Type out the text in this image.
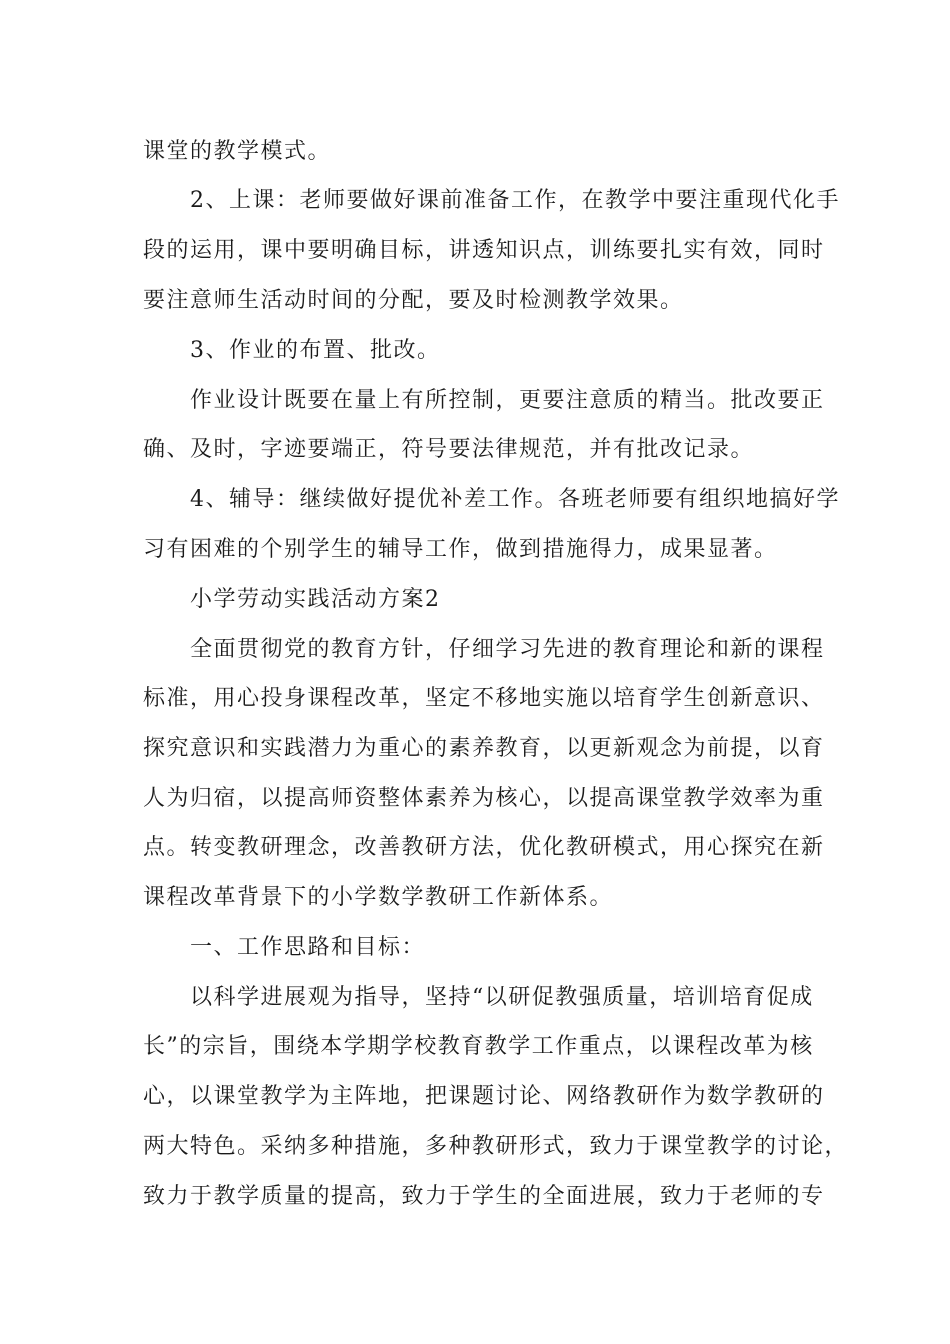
课堂的教学模式。

2、上课：老师要做好课前准备工作，在教学中要注重现代化手

段的运用，课中要明确目标，讲透知识点，训练要扎实有效，同时

要注意师生活动时间的分配，要及时检测教学效果。

3、作业的布置、批改。

作业设计既要在量上有所控制，更要注意质的精当。批改要正

确、及时，字迹要端正，符号要法律规范，并有批改记录。

4、辅导：继续做好提优补差工作。各班老师要有组织地搞好学

习有困难的个别学生的辅导工作，做到措施得力，成果显著。

小学劳动实践活动方案2

全面贯彻党的教育方针，仔细学习先进的教育理论和新的课程

标准，用心投身课程改革，坚定不移地实施以培育学生创新意识、

探究意识和实践潜力为重心的素养教育，以更新观念为前提，以育

人为归宿，以提高师资整体素养为核心，以提高课堂教学效率为重

点。转变教研理念，改善教研方法，优化教研模式，用心探究在新

课程改革背景下的小学数学教研工作新体系。

一、工作思路和目标：

以科学进展观为指导，坚持“以研促教强质量，培训培育促成

长”的宗旨，围绕本学期学校教育教学工作重点，以课程改革为核

心，以课堂教学为主阵地，把课题讨论、网络教研作为数学教研的

两大特色。采纳多种措施，多种教研形式，致力于课堂教学的讨论，

致力于教学质量的提高，致力于学生的全面进展，致力于老师的专
